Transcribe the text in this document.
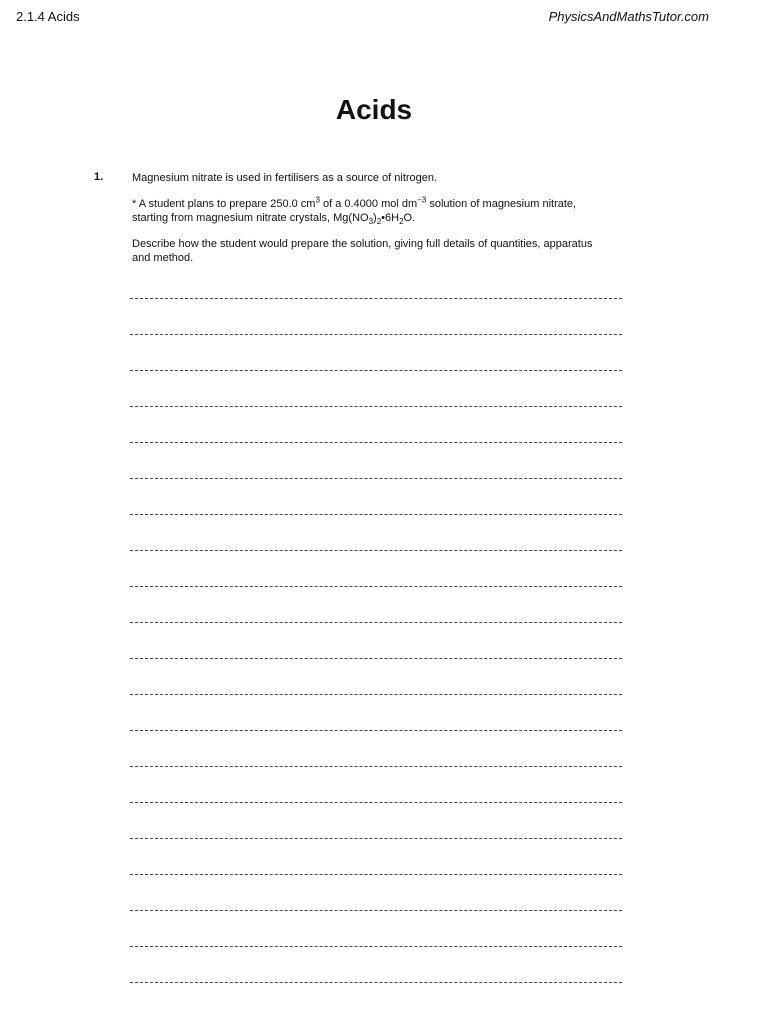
2.1.4 Acids	PhysicsAndMathsTutor.com
Acids
1.	Magnesium nitrate is used in fertilisers as a source of nitrogen.
* A student plans to prepare 250.0 $cm^3$ of a 0.4000 mol $dm^{-3}$ solution of magnesium nitrate,
starting from magnesium nitrate crystals, $Mg(NO_3)_2•6H_2O$.
Describe how the student would prepare the solution, giving full details of quantities, apparatus and method.
